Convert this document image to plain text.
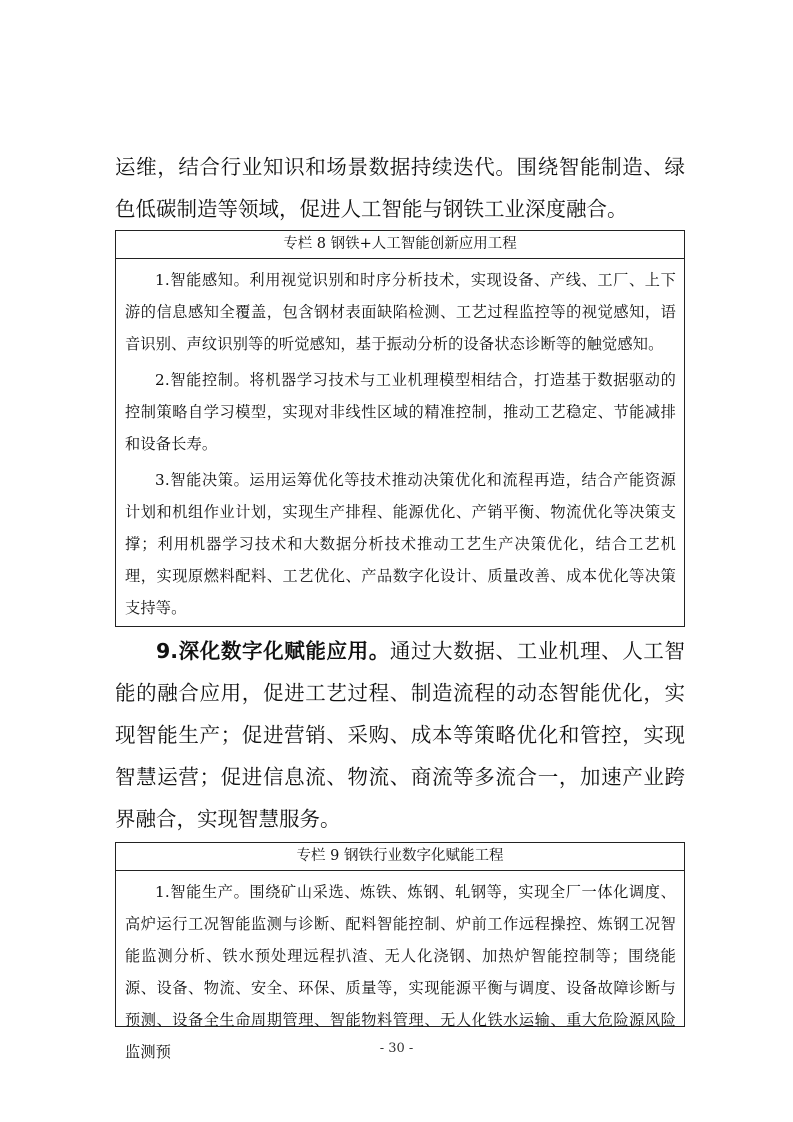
运维，结合行业知识和场景数据持续迭代。围绕智能制造、绿色低碳制造等领域，促进人工智能与钢铁工业深度融合。

专栏 8 钢铁+人工智能创新应用工程

1.智能感知。利用视觉识别和时序分析技术，实现设备、产线、工厂、上下游的信息感知全覆盖，包含钢材表面缺陷检测、工艺过程监控等的视觉感知，语音识别、声纹识别等的听觉感知，基于振动分析的设备状态诊断等的触觉感知。

2.智能控制。将机器学习技术与工业机理模型相结合，打造基于数据驱动的控制策略自学习模型，实现对非线性区域的精准控制，推动工艺稳定、节能减排和设备长寿。

3.智能决策。运用运筹优化等技术推动决策优化和流程再造，结合产能资源计划和机组作业计划，实现生产排程、能源优化、产销平衡、物流优化等决策支撑；利用机器学习技术和大数据分析技术推动工艺生产决策优化，结合工艺机理，实现原燃料配料、工艺优化、产品数字化设计、质量改善、成本优化等决策支持等。

9.深化数字化赋能应用。通过大数据、工业机理、人工智能的融合应用，促进工艺过程、制造流程的动态智能优化，实现智能生产；促进营销、采购、成本等策略优化和管控，实现智慧运营；促进信息流、物流、商流等多流合一，加速产业跨界融合，实现智慧服务。

专栏 9 钢铁行业数字化赋能工程

1.智能生产。围绕矿山采选、炼铁、炼钢、轧钢等，实现全厂一体化调度、高炉运行工况智能监测与诊断、配料智能控制、炉前工作远程操控、炼钢工况智能监测分析、铁水预处理远程扒渣、无人化浇钢、加热炉智能控制等；围绕能源、设备、物流、安全、环保、质量等，实现能源平衡与调度、设备故障诊断与预测、设备全生命周期管理、智能物料管理、无人化铁水运输、重大危险源风险监测预	- 30 -
